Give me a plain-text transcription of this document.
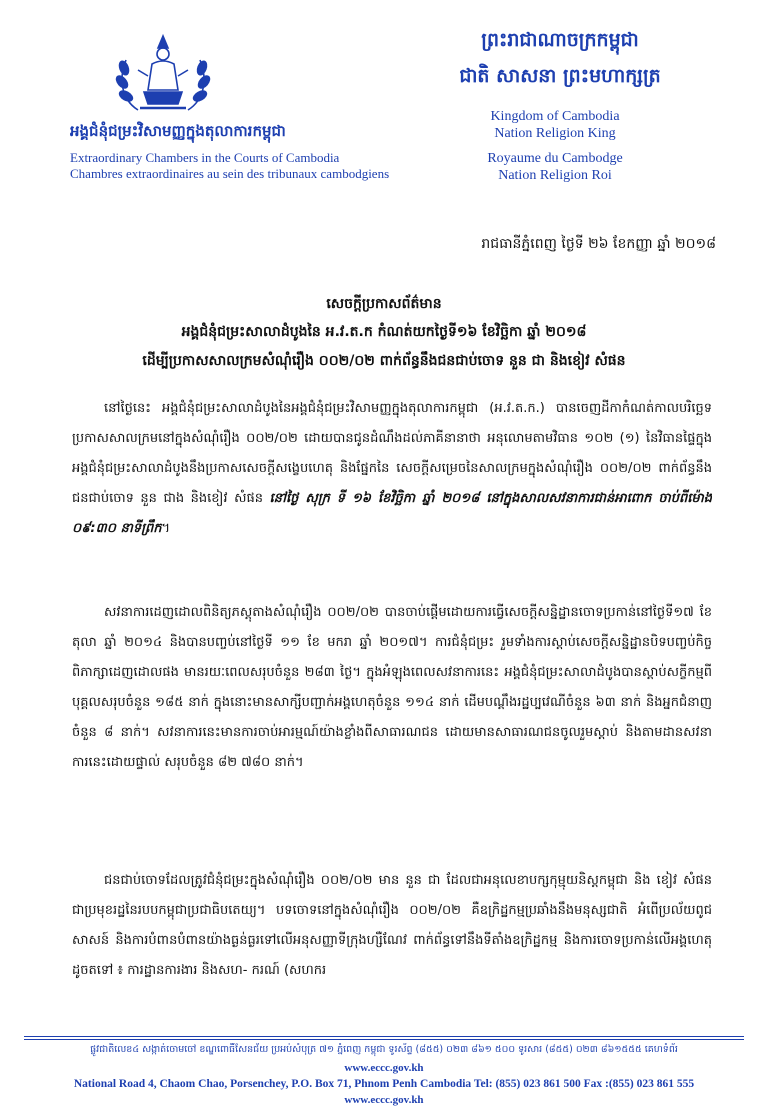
អង្គជំនុំជម្រះវិសាមញ្ញក្នុងតុលាការកម្ពុជា
Extraordinary Chambers in the Courts of Cambodia
Chambres extraordinaires au sein des tribunaux cambodgiens
ព្រះរាជាណាចក្រកម្ពុជា
ជាតិ សាសនា ព្រះមហាក្សត្រ
Kingdom of Cambodia
Nation Religion King
Royaume du Cambodge
Nation Religion Roi
រាជធានីភ្នំពេញ ថ្ងៃទី ២៦ ខែកញ្ញា ឆ្នាំ ២០១៨
សេចក្តីប្រកាសព័ត៌មាន
អង្គជំនុំជម្រះសាលាដំបូងនៃ អ.វ.ត.ក កំណត់យកថ្ងៃទី១៦ ខែវិច្ឆិកា ឆ្នាំ ២០១៨
ដើម្បីប្រកាសសាលក្រមសំណុំរឿង ០០២/០២ ពាក់ព័ន្ធនឹងជនជាប់ចោទ នួន ជា និងខៀវ សំផន
នៅថ្ងៃនេះ អង្គជំនុំជម្រះសាលាដំបូងនៃអង្គជំនុំជម្រះវិសាមញ្ញក្នុងតុលាការកម្ពុជា (អ.វ.ត.ក.) បានចេញដីកាកំណត់កាលបរិច្ឆេទប្រកាសសាលក្រមនៅក្នុងសំណុំរឿង ០០២/០២ ដោយបានជូនដំណឹងដល់ភាគីនានាថា អនុលោមតាមវិធាន ១០២ (១) នៃវិធានផ្ទៃក្នុង អង្គជំនុំជម្រះសាលាដំបូងនឹងប្រកាសសេចក្តីសង្ខេបហេតុ និងផ្នែកនៃ សេចក្តីសម្រេចនៃសាលក្រមក្នុងសំណុំរឿង ០០២/០២ ពាក់ព័ន្ធនឹងជនជាប់ចោទ នួន ជាង និងខៀវ សំផន នៅថ្ងៃ សុក្រ ទី ១៦ ខែវិច្ឆិកា ឆ្នាំ ២០១៨ នៅក្នុងសាលសវនាការជាន់អាពោក ចាប់ពីម៉ោង ០៩:៣០ នាទីព្រឹក។
សវនាការដេញដោលពិនិត្យភស្តុតាងសំណុំរឿង ០០២/០២ បានចាប់ផ្តើមដោយការធ្វើសេចក្តីសន្និដ្ឋានចោទប្រកាន់នៅថ្ងៃទី១៧ ខែ តុលា ឆ្នាំ ២០១៤ និងបានបញ្ចប់នៅថ្ងៃទី ១១ ខែ មករា ឆ្នាំ ២០១៧។ ការជំនុំជម្រះ រួមទាំងការស្តាប់សេចក្តីសន្និដ្ឋានបិទបញ្ចប់កិច្ចពិភាក្សាដេញដោលផង មានរយៈពេលសរុបចំនួន ២៨៣ ថ្ងៃ។ ក្នុងអំឡុងពេលសវនាការនេះ អង្គជំនុំជម្រះសាលាដំបូងបានស្តាប់សក្ខីកម្មពីបុគ្គលសរុបចំនួន ១៨៥ នាក់ ក្នុងនោះមានសាក្សីបញ្ជាក់អង្គហេតុចំនួន ១១៤ នាក់ ដើមបណ្តឹងរដ្ឋប្បវេណីចំនួន ៦៣ នាក់ និងអ្នកជំនាញចំនួន ៨ នាក់។ សវនាការនេះមានការចាប់អារម្មណ៍យ៉ាងខ្លាំងពីសាធារណជន ដោយមានសាធារណជនចូលរួមស្តាប់ និងតាមដានសវនាការនេះដោយផ្ទាល់ សរុបចំនួន ៨២ ៧៨០ នាក់។
ជនជាប់ចោទដែលត្រូវជំនុំជម្រះក្នុងសំណុំរឿង ០០២/០២ មាន នួន ជា ដែលជាអនុលេខាបក្សកុម្មុយនិស្តកម្ពុជា និង ខៀវ សំផន ជាប្រមុខរដ្ឋនៃរបបកម្ពុជាប្រជាធិបតេយ្យ។ បទចោទនៅក្នុងសំណុំរឿង ០០២/០២ គឺឧក្រិដ្ឋកម្មប្រឆាំងនឹងមនុស្សជាតិ អំពើប្រល័យពូជសាសន៍ និងការបំពានបំពានយ៉ាងធ្ងន់ធ្ងរទៅលើអនុសញ្ញាទីក្រុងហ្សឺណែវ ពាក់ព័ន្ធទៅនឹងទីតាំងឧក្រិដ្ឋកម្ម និងការចោទប្រកាន់លើអង្គហេតុដូចតទៅ ៖ ការដ្ឋានការងារ និងសហ- ករណ៍ (សហករ
ផ្លូវជាតិលេខ៤ សង្កាត់ចោមចៅ ខណ្ឌពោធិ៍សែនជ័យ ប្រអប់សំបុត្រ ៧១ ភ្នំពេញ កម្ពុជា ទូរស័ព្ទ (៨៥៥) ០២៣ ៨៦១ ៥០០ ទូរសារ (៨៥៥) ០២៣ ៨៦១៥៥៥ គេហទំព័រ
www.eccc.gov.kh
National Road 4, Chaom Chao, Porsenchey, P.O. Box 71, Phnom Penh Cambodia Tel: (855) 023 861 500 Fax :(855) 023 861 555
www.eccc.gov.kh
